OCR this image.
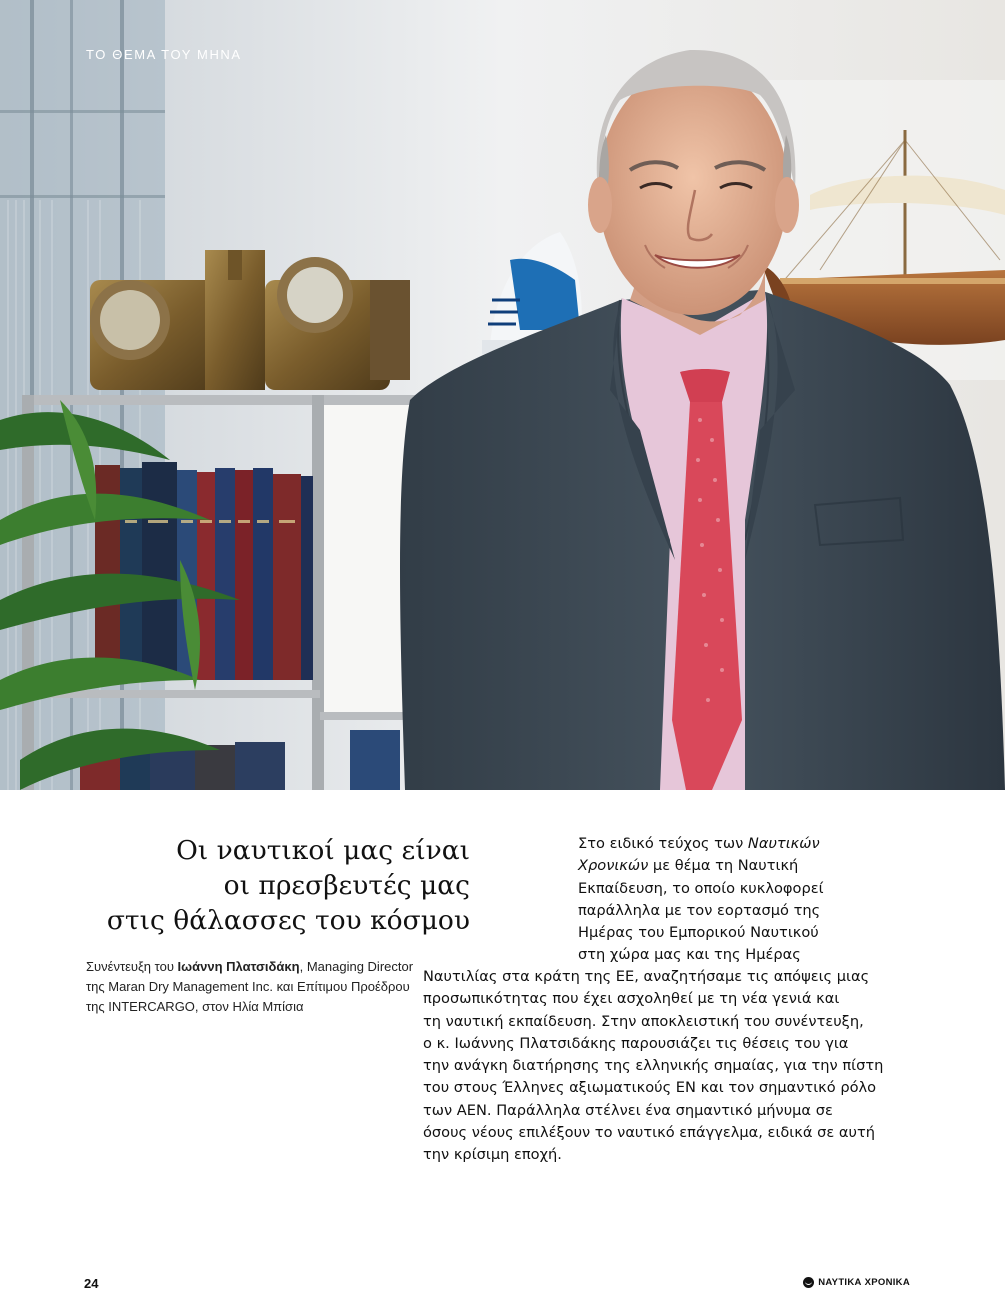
ΤΟ ΘΕΜΑ ΤΟΥ ΜΗΝΑ
Οι ναυτικοί μας είναι
οι πρεσβευτές μας
στις θάλασσες του κόσμου
Συνέντευξη του Ιωάννη Πλατσιδάκη, Managing Director της Maran Dry Management Inc. και Επίτιμου Προέδρου της INTERCARGO, στον Ηλία Μπίσια
Στο ειδικό τεύχος των Ναυτικών
Χρονικών με θέμα τη Ναυτική
Εκπαίδευση, το οποίο κυκλοφορεί
παράλληλα με τον εορτασμό της
Ημέρας του Εμπορικού Ναυτικού
στη χώρα μας και της Ημέρας
Ναυτιλίας στα κράτη της ΕΕ, αναζητήσαμε τις απόψεις μιας
προσωπικότητας που έχει ασχοληθεί με τη νέα γενιά και
τη ναυτική εκπαίδευση. Στην αποκλειστική του συνέντευξη,
ο κ. Ιωάννης Πλατσιδάκης παρουσιάζει τις θέσεις του για
την ανάγκη διατήρησης της ελληνικής σημαίας, για την πίστη
του στους Έλληνες αξιωματικούς ΕΝ και τον σημαντικό ρόλο
των ΑΕΝ. Παράλληλα στέλνει ένα σημαντικό μήνυμα σε
όσους νέους επιλέξουν το ναυτικό επάγγελμα, ειδικά σε αυτή
την κρίσιμη εποχή.
24	ΝΑΥΤΙΚΑ ΧΡΟΝΙΚΑ
